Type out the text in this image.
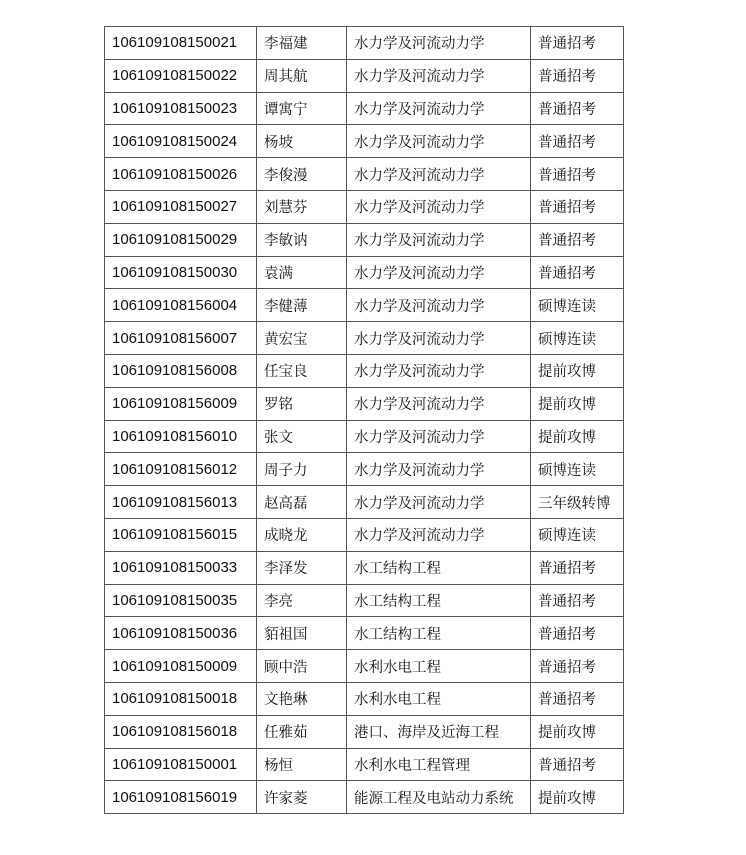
106109108150021	李福建	水力学及河流动力学	普通招考
106109108150022	周其航	水力学及河流动力学	普通招考
106109108150023	谭寓宁	水力学及河流动力学	普通招考
106109108150024	杨坡	水力学及河流动力学	普通招考
106109108150026	李俊漫	水力学及河流动力学	普通招考
106109108150027	刘慧芬	水力学及河流动力学	普通招考
106109108150029	李敏讷	水力学及河流动力学	普通招考
106109108150030	袁满	水力学及河流动力学	普通招考
106109108156004	李健薄	水力学及河流动力学	硕博连读
106109108156007	黄宏宝	水力学及河流动力学	硕博连读
106109108156008	任宝良	水力学及河流动力学	提前攻博
106109108156009	罗铭	水力学及河流动力学	提前攻博
106109108156010	张文	水力学及河流动力学	提前攻博
106109108156012	周子力	水力学及河流动力学	硕博连读
106109108156013	赵高磊	水力学及河流动力学	三年级转博
106109108156015	成晓龙	水力学及河流动力学	硕博连读
106109108150033	李泽发	水工结构工程	普通招考
106109108150035	李亮	水工结构工程	普通招考
106109108150036	貊祖国	水工结构工程	普通招考
106109108150009	顾中浩	水利水电工程	普通招考
106109108150018	文艳琳	水利水电工程	普通招考
106109108156018	任雅茹	港口、海岸及近海工程	提前攻博
106109108150001	杨恒	水利水电工程管理	普通招考
106109108156019	许家菱	能源工程及电站动力系统	提前攻博
